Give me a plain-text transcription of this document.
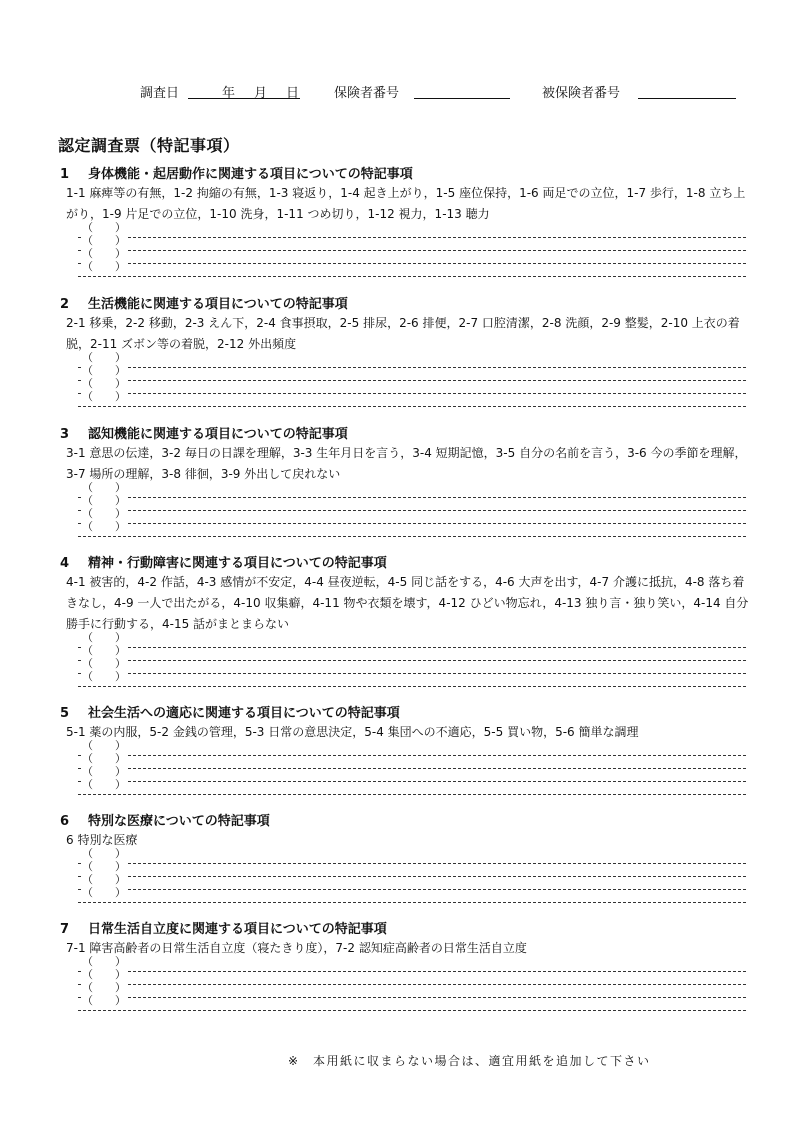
調査日	年 月 日	保険者番号	被保険者番号
認定調査票（特記事項）
1 身体機能・起居動作に関連する項目についての特記事項
1-1 麻痺等の有無，1-2 拘縮の有無，1-3 寝返り，1-4 起き上がり，1-5 座位保持，1-6 両足での立位，1-7 歩行，1-8 立ち上がり，1-9 片足での立位，1-10 洗身，1-11 つめ切り，1-12 視力，1-13 聴力
（　　）
（　　）
（　　）
（　　）
2 生活機能に関連する項目についての特記事項
2-1 移乗，2-2 移動，2-3 えん下，2-4 食事摂取，2-5 排尿，2-6 排便，2-7 口腔清潔，2-8 洗顔，2-9 整髪，2-10 上衣の着脱，2-11 ズボン等の着脱，2-12 外出頻度
（　　）
（　　）
（　　）
（　　）
3 認知機能に関連する項目についての特記事項
3-1 意思の伝達，3-2 毎日の日課を理解，3-3 生年月日を言う，3-4 短期記憶，3-5 自分の名前を言う，3-6 今の季節を理解，3-7 場所の理解，3-8 徘徊，3-9 外出して戻れない
（　　）
（　　）
（　　）
（　　）
4 精神・行動障害に関連する項目についての特記事項
4-1 被害的，4-2 作話，4-3 感情が不安定，4-4 昼夜逆転，4-5 同じ話をする，4-6 大声を出す，4-7 介護に抵抗，4-8 落ち着きなし，4-9 一人で出たがる，4-10 収集癖，4-11 物や衣類を壊す，4-12 ひどい物忘れ，4-13 独り言・独り笑い，4-14 自分勝手に行動する，4-15 話がまとまらない
（　　）
（　　）
（　　）
（　　）
5 社会生活への適応に関連する項目についての特記事項
5-1 薬の内服，5-2 金銭の管理，5-3 日常の意思決定，5-4 集団への不適応，5-5 買い物，5-6 簡単な調理
（　　）
（　　）
（　　）
（　　）
6 特別な医療についての特記事項
6 特別な医療
（　　）
（　　）
（　　）
（　　）
7 日常生活自立度に関連する項目についての特記事項
7-1 障害高齢者の日常生活自立度（寝たきり度），7-2 認知症高齢者の日常生活自立度
（　　）
（　　）
（　　）
（　　）
※　本用紙に収まらない場合は、適宜用紙を追加して下さい
